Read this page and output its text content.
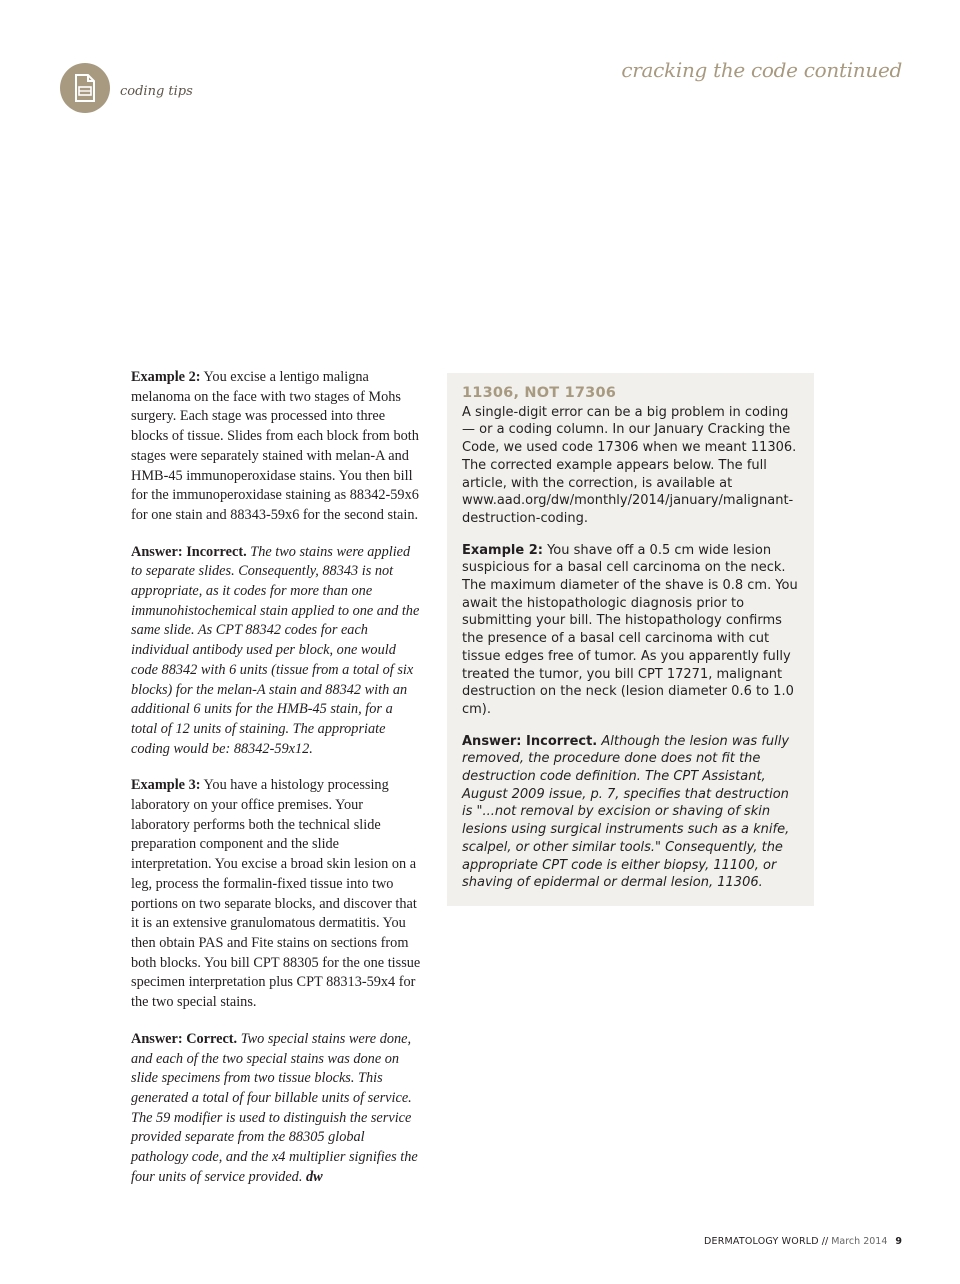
coding tips
cracking the code continued

Example 2: You excise a lentigo maligna melanoma on the face with two stages of Mohs surgery. Each stage was processed into three blocks of tissue. Slides from each block from both stages were separately stained with melan-A and HMB-45 immunoperoxidase stains. You then bill for the immunoperoxidase staining as 88342-59x6 for one stain and 88343-59x6 for the second stain.

Answer: Incorrect. The two stains were applied to separate slides. Consequently, 88343 is not appropriate, as it codes for more than one immunohistochemical stain applied to one and the same slide. As CPT 88342 codes for each individual antibody used per block, one would code 88342 with 6 units (tissue from a total of six blocks) for the melan-A stain and 88342 with an additional 6 units for the HMB-45 stain, for a total of 12 units of staining. The appropriate coding would be: 88342-59x12.

Example 3: You have a histology processing laboratory on your office premises. Your laboratory performs both the technical slide preparation component and the slide interpretation. You excise a broad skin lesion on a leg, process the formalin-fixed tissue into two portions on two separate blocks, and discover that it is an extensive granulomatous dermatitis. You then obtain PAS and Fite stains on sections from both blocks. You bill CPT 88305 for the one tissue specimen interpretation plus CPT 88313-59x4 for the two special stains.

Answer: Correct. Two special stains were done, and each of the two special stains was done on slide specimens from two tissue blocks. This generated a total of four billable units of service. The 59 modifier is used to distinguish the service provided separate from the 88305 global pathology code, and the x4 multiplier signifies the four units of service provided. dw

11306, NOT 17306

A single-digit error can be a big problem in coding — or a coding column. In our January Cracking the Code, we used code 17306 when we meant 11306. The corrected example appears below. The full article, with the correction, is available at www.aad.org/dw/monthly/2014/january/malignant-destruction-coding.

Example 2: You shave off a 0.5 cm wide lesion suspicious for a basal cell carcinoma on the neck. The maximum diameter of the shave is 0.8 cm. You await the histopathologic diagnosis prior to submitting your bill. The histopathology confirms the presence of a basal cell carcinoma with cut tissue edges free of tumor. As you apparently fully treated the tumor, you bill CPT 17271, malignant destruction on the neck (lesion diameter 0.6 to 1.0 cm).

Answer: Incorrect. Although the lesion was fully removed, the procedure done does not fit the destruction code definition. The CPT Assistant, August 2009 issue, p. 7, specifies that destruction is "...not removal by excision or shaving of skin lesions using surgical instruments such as a knife, scalpel, or other similar tools." Consequently, the appropriate CPT code is either biopsy, 11100, or shaving of epidermal or dermal lesion, 11306.

DERMATOLOGY WORLD // March 2014 9
